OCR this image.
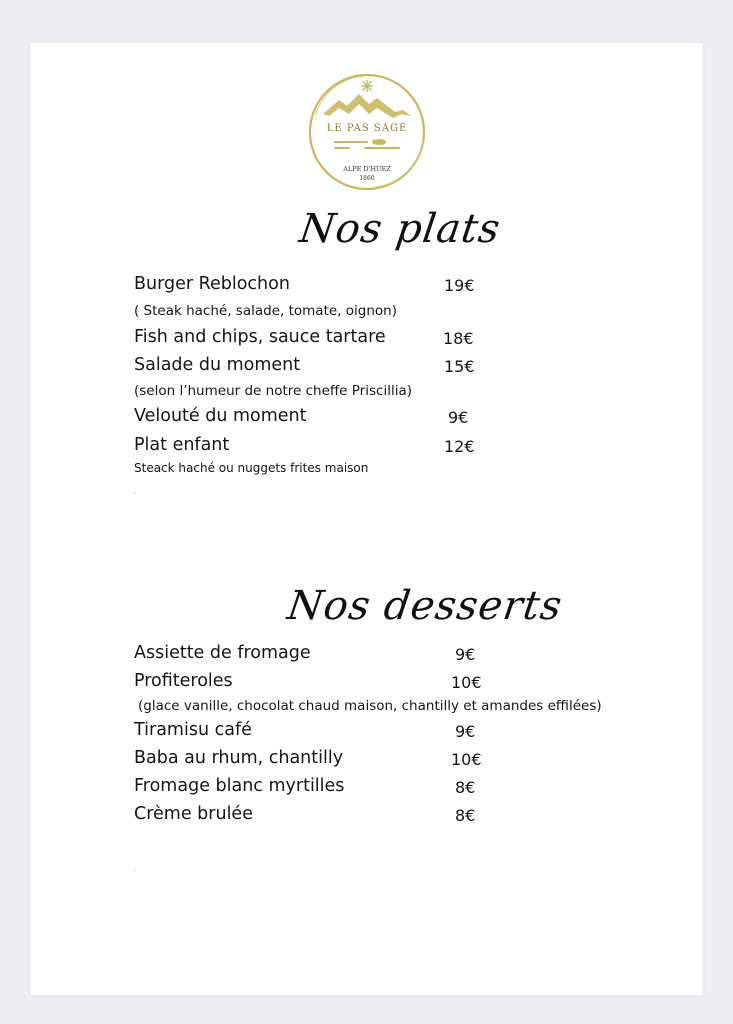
LE PAS SAGE
ALPE D'HUEZ
1860
Nos plats
Burger Reblochon	19€
( Steak haché, salade, tomate, oignon)
Fish and chips, sauce tartare	18€
Salade du moment	15€
(selon l’humeur de notre cheffe Priscillia)
Velouté du moment	9€
Plat enfant	12€
Steack haché ou nuggets frites maison
Nos desserts
Assiette de fromage	9€
Profiteroles	10€
(glace vanille, chocolat chaud maison, chantilly et amandes effilées)
Tiramisu café	9€
Baba au rhum, chantilly	10€
Fromage blanc myrtilles	8€
Crème brulée	8€
